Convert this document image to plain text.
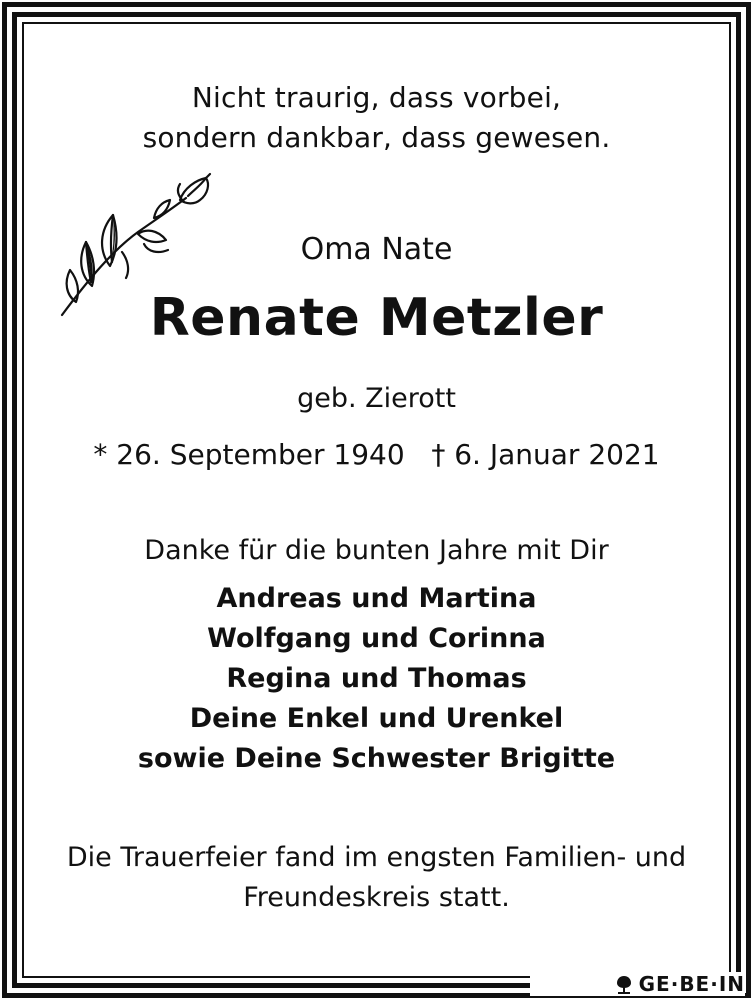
Nicht traurig, dass vorbei,
sondern dankbar, dass gewesen.
Oma Nate
Renate Metzler
geb. Zierott
* 26. September 1940   † 6. Januar 2021
Danke für die bunten Jahre mit Dir
Andreas und Martina
Wolfgang und Corinna
Regina und Thomas
Deine Enkel und Urenkel
sowie Deine Schwester Brigitte
Die Trauerfeier fand im engsten Familien- und
Freundeskreis statt.
GE·BE·IN
